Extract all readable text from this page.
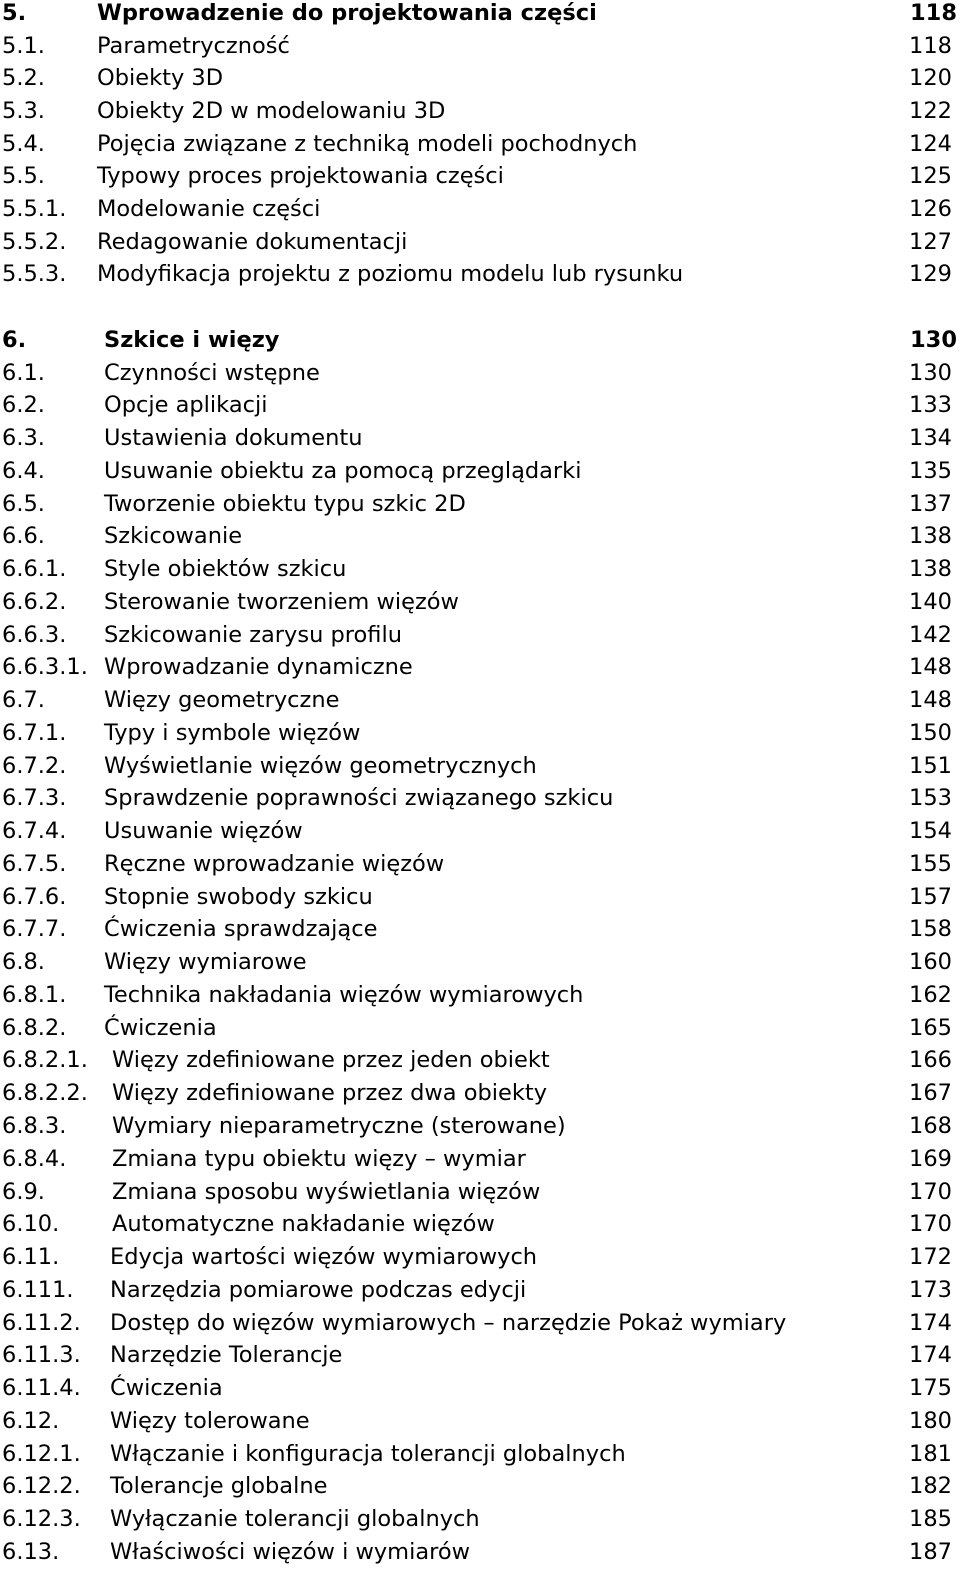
5.	Wprowadzenie do projektowania części	118
5.1. Parametryczność	118
5.2. Obiekty 3D	120
5.3. Obiekty 2D w modelowaniu 3D	122
5.4. Pojęcia związane z techniką modeli pochodnych	124
5.5. Typowy proces projektowania części	125
5.5.1. Modelowanie części	126
5.5.2. Redagowanie dokumentacji	127
5.5.3. Modyfikacja projektu z poziomu modelu lub rysunku	129
6.	Szkice i więzy	130
6.1.	Czynności wstępne	130
6.2.	Opcje aplikacji	133
6.3.	Ustawienia dokumentu	134
6.4.	Usuwanie obiektu za pomocą przeglądarki	135
6.5.	Tworzenie obiektu typu szkic 2D	137
6.6.	Szkicowanie	138
6.6.1. Style obiektów szkicu	138
6.6.2. Sterowanie tworzeniem więzów	140
6.6.3. Szkicowanie zarysu profilu	142
6.6.3.1. Wprowadzanie dynamiczne	148
6.7.	Więzy geometryczne	148
6.7.1. Typy i symbole więzów	150
6.7.2. Wyświetlanie więzów geometrycznych	151
6.7.3. Sprawdzenie poprawności związanego szkicu	153
6.7.4. Usuwanie więzów	154
6.7.5. Ręczne wprowadzanie więzów	155
6.7.6. Stopnie swobody szkicu	157
6.7.7. Ćwiczenia sprawdzające	158
6.8.	Więzy wymiarowe	160
6.8.1. Technika nakładania więzów wymiarowych	162
6.8.2. Ćwiczenia	165
6.8.2.1. Więzy zdefiniowane przez jeden obiekt	166
6.8.2.2. Więzy zdefiniowane przez dwa obiekty	167
6.8.3. Wymiary nieparametryczne (sterowane)	168
6.8.4. Zmiana typu obiektu więzy – wymiar	169
6.9.	Zmiana sposobu wyświetlania więzów	170
6.10. Automatyczne nakładanie więzów	170
6.11. Edycja wartości więzów wymiarowych	172
6.111. Narzędzia pomiarowe podczas edycji	173
6.11.2. Dostęp do więzów wymiarowych – narzędzie Pokaż wymiary	174
6.11.3. Narzędzie Tolerancje	174
6.11.4. Ćwiczenia	175
6.12. Więzy tolerowane	180
6.12.1. Włączanie i konfiguracja tolerancji globalnych	181
6.12.2. Tolerancje globalne	182
6.12.3. Wyłączanie tolerancji globalnych	185
6.13. Właściwości więzów i wymiarów	187
